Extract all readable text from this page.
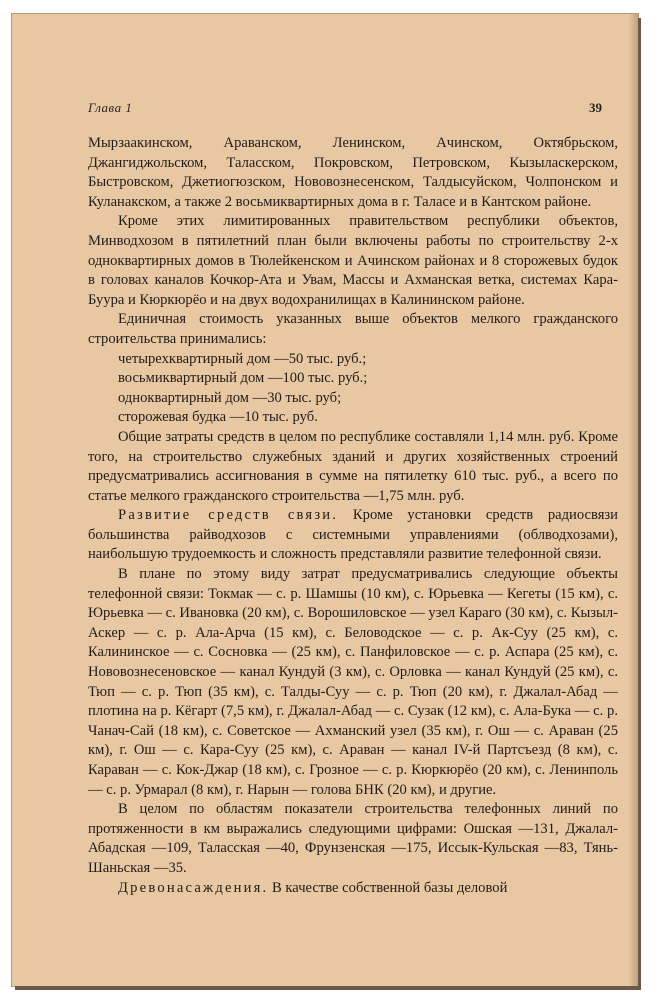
Глава 1	39

Мырзаакинском, Араванском, Ленинском, Ачинском, Октябрьском, Джангиджольском, Таласском, Покровском, Петровском, Кызыласкерском, Быстровском, Джетиогюзском, Нововознесенском, Талдысуйском, Чолпонском и Куланакском, а также 2 восьмиквартирных дома в г. Таласе и в Кантском районе.

Кроме этих лимитированных правительством республики объектов, Минводхозом в пятилетний план были включены работы по строительству 2-х одноквартирных домов в Тюлейкенском и Ачинском районах и 8 сторожевых будок в головах каналов Кочкор-Ата и Увам, Массы и Ахманская ветка, системах Кара-Буура и Кюркюрёо и на двух водохранилищах в Калининском районе.

Единичная стоимость указанных выше объектов мелкого гражданского строительства принимались:

четырехквартирный дом —50 тыс. руб.;

восьмиквартирный дом —100 тыс. руб.;

одноквартирный дом —30 тыс. руб;

сторожевая будка —10 тыс. руб.

Общие затраты средств в целом по республике составляли 1,14 млн. руб. Кроме того, на строительство служебных зданий и других хозяйственных строений предусматривались ассигнования в сумме на пятилетку 610 тыс. руб., а всего по статье мелкого гражданского строительства —1,75 млн. руб.

Развитие средств связи. Кроме установки средств радиосвязи большинства райводхозов с системными управлениями (облводхозами), наибольшую трудоемкость и сложность представляли развитие телефонной связи.

В плане по этому виду затрат предусматривались следующие объекты телефонной связи: Токмак — с. р. Шамшы (10 км), с. Юрьевка — Кегеты (15 км), с. Юрьевка — с. Ивановка (20 км), с. Ворошиловское — узел Караго (30 км), с. Кызыл-Аскер — с. р. Ала-Арча (15 км), с. Беловодское — с. р. Ак-Суу (25 км), с. Калининское — с. Сосновка — (25 км), с. Панфиловское — с. р. Аспара (25 км), с. Нововознесеновское — канал Кундуй (3 км), с. Орловка — канал Кундуй (25 км), с. Тюп — с. р. Тюп (35 км), с. Талды-Суу — с. р. Тюп (20 км), г. Джалал-Абад — плотина на р. Кёгарт (7,5 км), г. Джалал-Абад — с. Сузак (12 км), с. Ала-Бука — с. р. Чанач-Сай (18 км), с. Советское — Ахманский узел (35 км), г. Ош — с. Араван (25 км), г. Ош — с. Кара-Суу (25 км), с. Араван — канал IV-й Партсъезд (8 км), с. Караван — с. Кок-Джар (18 км), с. Грозное — с. р. Кюркюрёо (20 км), с. Ленинполь — с. р. Урмарал (8 км), г. Нарын — голова БНК (20 км), и другие.

В целом по областям показатели строительства телефонных линий по протяженности в км выражались следующими цифрами: Ошская —131, Джалал-Абадская —109, Таласская —40, Фрунзенская —175, Иссык-Кульская —83, Тянь-Шаньская —35.

Древонасаждения. В качестве собственной базы деловой
